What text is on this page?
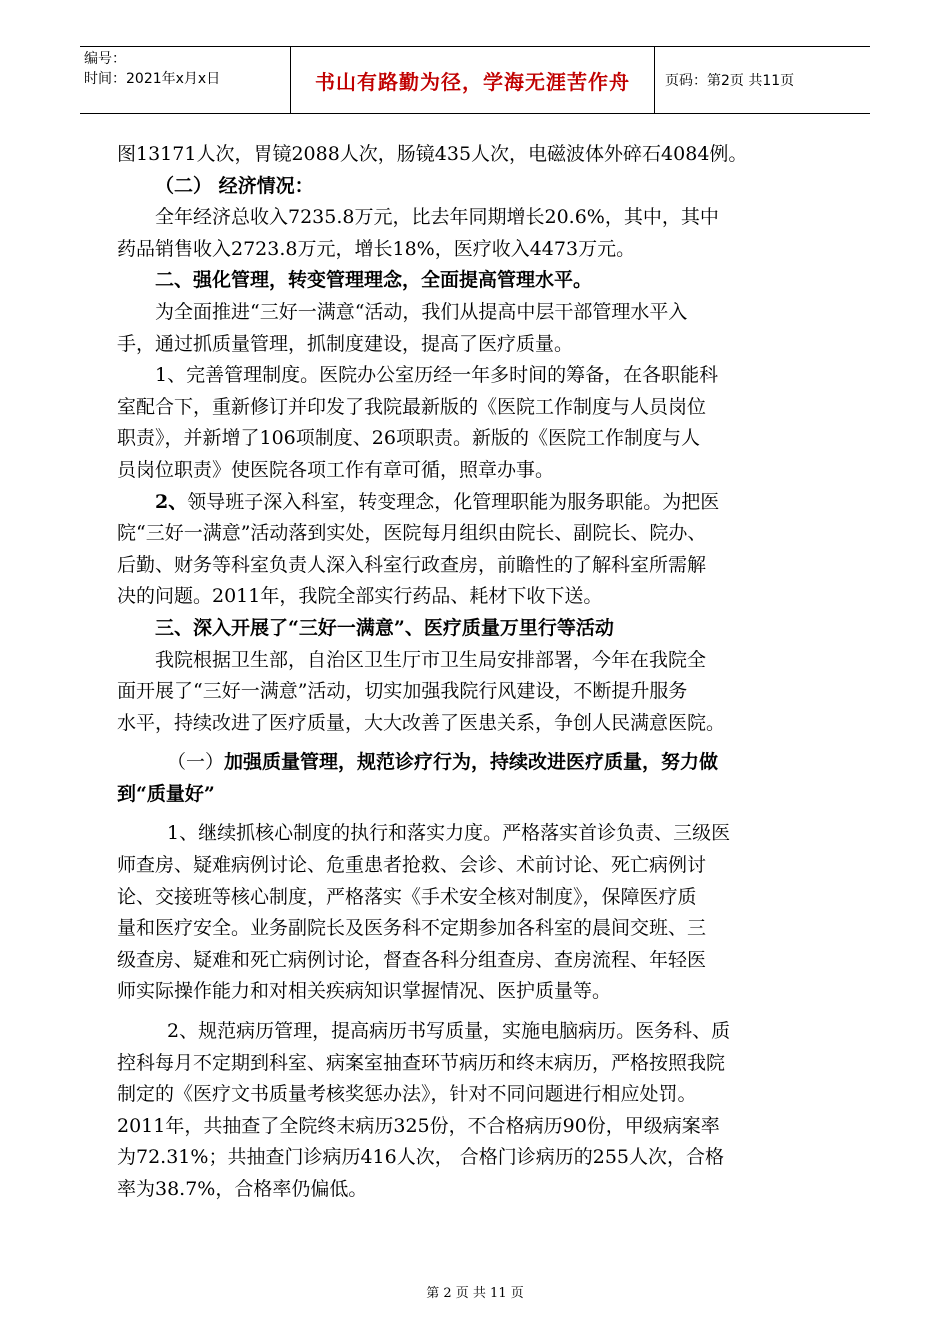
编号：
时间：2021年x月x日	书山有路勤为径，学海无涯苦作舟	页码：第2页 共11页

图13171人次，胃镜2088人次，肠镜435人次，电磁波体外碎石4084例。

（二） 经济情况：

全年经济总收入7235.8万元，比去年同期增长20.6%，其中，其中

药品销售收入2723.8万元，增长18%，医疗收入4473万元。

二、强化管理，转变管理理念，全面提高管理水平。

为全面推进“三好一满意“活动，我们从提高中层干部管理水平入

手，通过抓质量管理，抓制度建设，提高了医疗质量。

1、完善管理制度。医院办公室历经一年多时间的筹备，在各职能科

室配合下，重新修订并印发了我院最新版的《医院工作制度与人员岗位

职责》，并新增了106项制度、26项职责。新版的《医院工作制度与人

员岗位职责》使医院各项工作有章可循，照章办事。

2、领导班子深入科室，转变理念，化管理职能为服务职能。为把医

院“三好一满意”活动落到实处，医院每月组织由院长、副院长、院办、

后勤、财务等科室负责人深入科室行政查房，前瞻性的了解科室所需解

决的问题。2011年，我院全部实行药品、耗材下收下送。

三、深入开展了“三好一满意”、医疗质量万里行等活动

我院根据卫生部，自治区卫生厅市卫生局安排部署，今年在我院全

面开展了“三好一满意”活动，切实加强我院行风建设，不断提升服务

水平，持续改进了医疗质量，大大改善了医患关系，争创人民满意医院。

（一）加强质量管理，规范诊疗行为，持续改进医疗质量，努力做

到“质量好”

1、继续抓核心制度的执行和落实力度。严格落实首诊负责、三级医

师查房、疑难病例讨论、危重患者抢救、会诊、术前讨论、死亡病例讨

论、交接班等核心制度，严格落实《手术安全核对制度》，保障医疗质

量和医疗安全。业务副院长及医务科不定期参加各科室的晨间交班、三

级查房、疑难和死亡病例讨论，督查各科分组查房、查房流程、年轻医

师实际操作能力和对相关疾病知识掌握情况、医护质量等。

2、规范病历管理，提高病历书写质量，实施电脑病历。医务科、质

控科每月不定期到科室、病案室抽查环节病历和终末病历，严格按照我院

制定的《医疗文书质量考核奖惩办法》，针对不同问题进行相应处罚。

2011年，共抽查了全院终末病历325份，不合格病历90份，甲级病案率

为72.31%；共抽查门诊病历416人次， 合格门诊病历的255人次，合格

率为38.7%，合格率仍偏低。

第 2 页 共 11 页
